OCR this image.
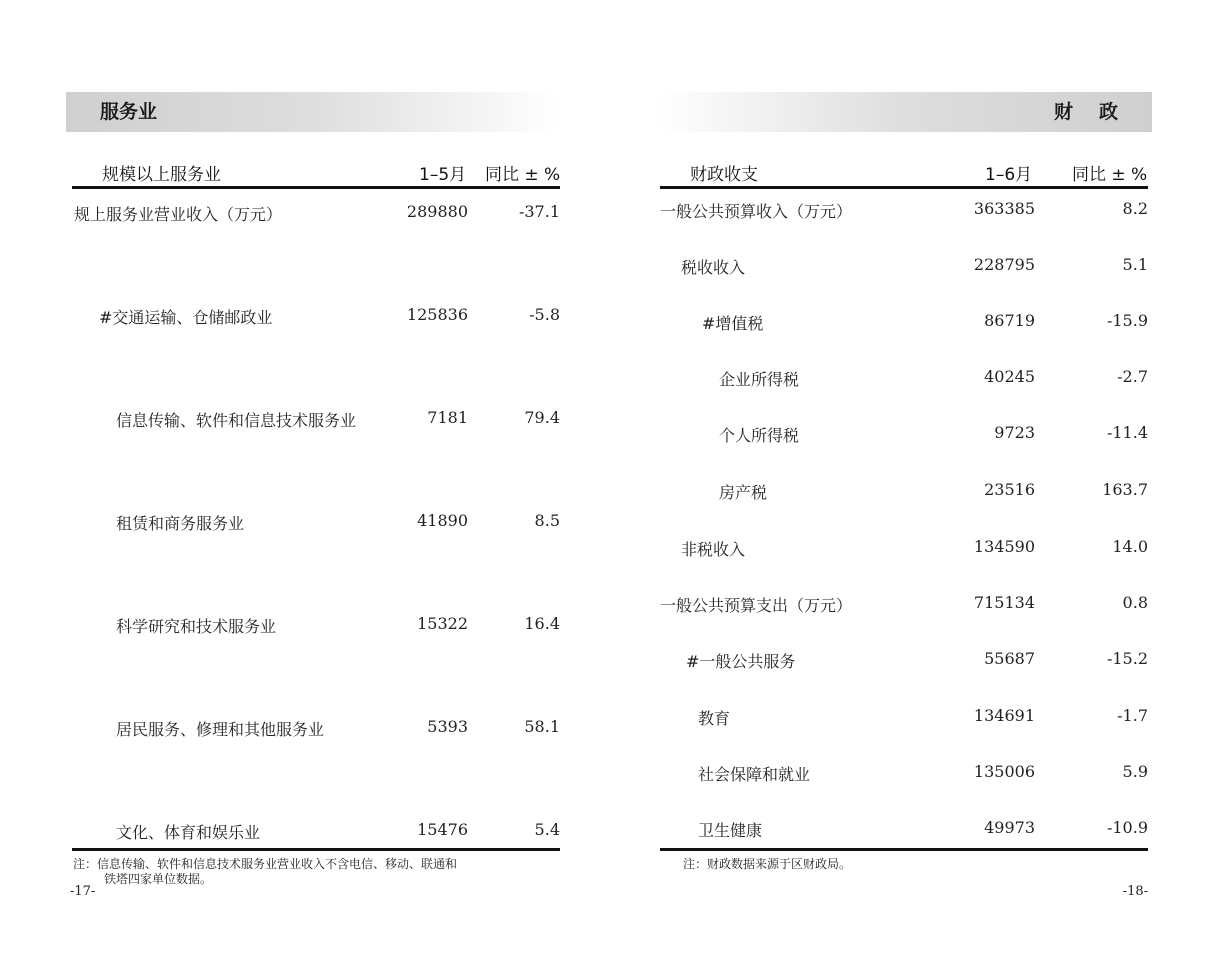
服务业
规模以上服务业	1–5月 同比 ± %
规上服务业营业收入（万元）	289880	-37.1
#交通运输、仓储邮政业	125836	-5.8
信息传输、软件和信息技术服务业	7181	79.4
租赁和商务服务业	41890	8.5
科学研究和技术服务业	15322	16.4
居民服务、修理和其他服务业	5393	58.1
文化、体育和娱乐业	15476	5.4
注：信息传输、软件和信息技术服务业营业收入不含电信、移动、联通和
铁塔四家单位数据。
-17-
财政
财政收支	1–6月 同比 ± %
一般公共预算收入（万元）	363385	8.2
税收收入	228795	5.1
#增值税	86719	-15.9
企业所得税	40245	-2.7
个人所得税	9723	-11.4
房产税	23516	163.7
非税收入	134590	14.0
一般公共预算支出（万元）	715134	0.8
#一般公共服务	55687	-15.2
教育	134691	-1.7
社会保障和就业	135006	5.9
卫生健康	49973	-10.9
注：财政数据来源于区财政局。
-18-
